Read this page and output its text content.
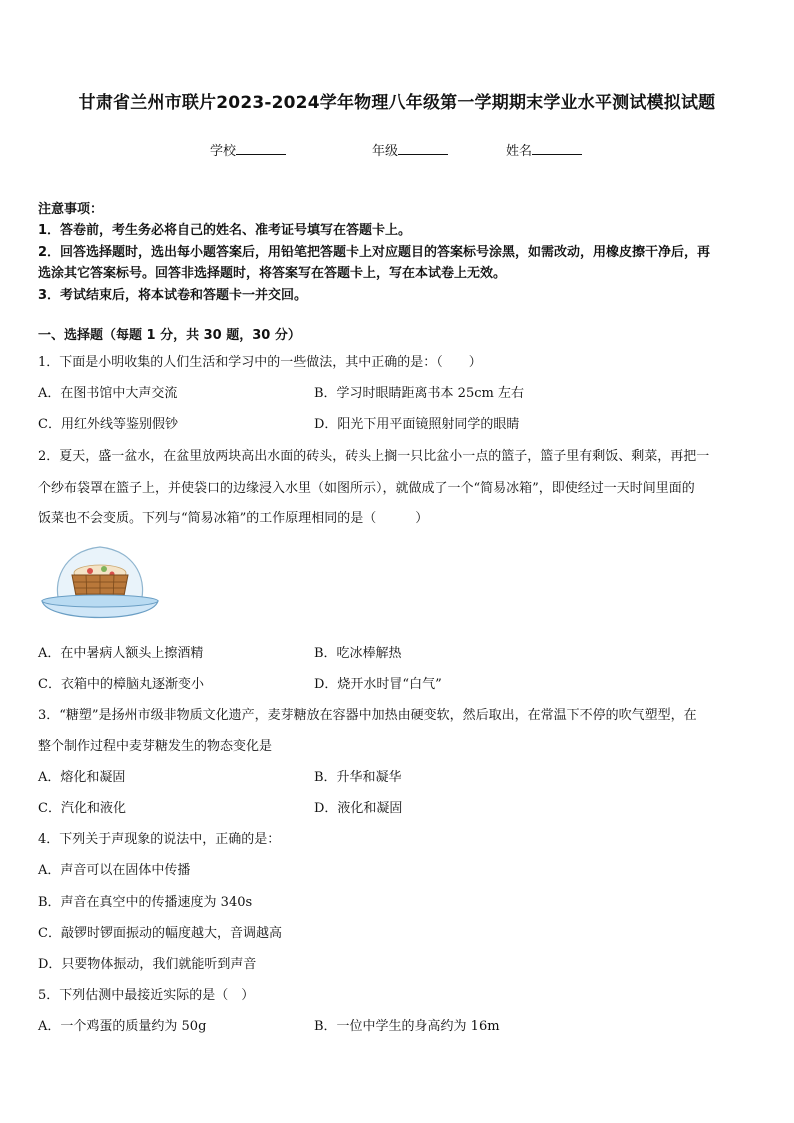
甘肃省兰州市联片2023-2024学年物理八年级第一学期期末学业水平测试模拟试题
学校	年级	姓名
注意事项：
1．答卷前，考生务必将自己的姓名、准考证号填写在答题卡上。
2．回答选择题时，选出每小题答案后，用铅笔把答题卡上对应题目的答案标号涂黑，如需改动，用橡皮擦干净后，再
选涂其它答案标号。回答非选择题时，将答案写在答题卡上，写在本试卷上无效。
3．考试结束后，将本试卷和答题卡一并交回。
一、选择题（每题 1 分，共 30 题，30 分）
1．下面是小明收集的人们生活和学习中的一些做法，其中正确的是：（　　）
A．在图书馆中大声交流	B．学习时眼睛距离书本 25cm 左右
C．用红外线等鉴别假钞	D．阳光下用平面镜照射同学的眼睛
2．夏天，盛一盆水，在盆里放两块高出水面的砖头，砖头上搁一只比盆小一点的篮子，篮子里有剩饭、剩菜，再把一
个纱布袋罩在篮子上，并使袋口的边缘浸入水里（如图所示），就做成了一个“简易冰箱”，即使经过一天时间里面的
饭菜也不会变质。下列与“简易冰箱”的工作原理相同的是（　　　）
A．在中暑病人额头上擦酒精	B．吃冰棒解热
C．衣箱中的樟脑丸逐渐变小	D．烧开水时冒“白气”
3．“糖塑”是扬州市级非物质文化遗产，麦芽糖放在容器中加热由硬变软，然后取出，在常温下不停的吹气塑型，在
整个制作过程中麦芽糖发生的物态变化是
A．熔化和凝固	B．升华和凝华
C．汽化和液化	D．液化和凝固
4．下列关于声现象的说法中，正确的是：
A．声音可以在固体中传播
B．声音在真空中的传播速度为 340s
C．敲锣时锣面振动的幅度越大，音调越高
D．只要物体振动，我们就能听到声音
5．下列估测中最接近实际的是（　）
A．一个鸡蛋的质量约为 50g	B．一位中学生的身高约为 16m
